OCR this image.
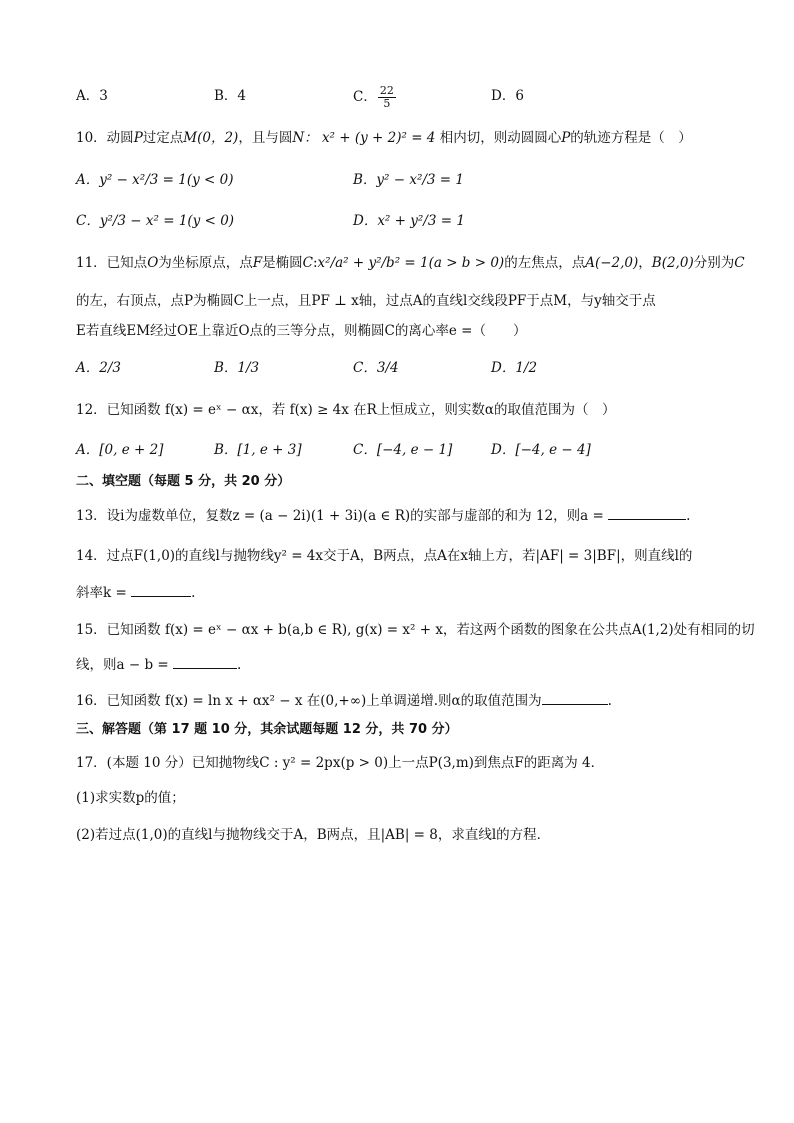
A．3	B．4	C． $\frac{22}{5}$	D．6
10．动圆P过定点M(0，2)，且与圆N： x² + (y + 2)² = 4 相内切，则动圆圆心P的轨迹方程是（　）
A．y² − x²/3 = 1(y < 0)	B．y² − x²/3 = 1
C．y²/3 − x² = 1(y < 0)	D．x² + y²/3 = 1
11．已知点O为坐标原点，点F是椭圆C:x²/a² + y²/b² = 1(a > b > 0)的左焦点，点A(−2,0)，B(2,0)分别为C
的左，右顶点，点P为椭圆C上一点，且PF ⊥ x轴，过点A的直线l交线段PF于点M，与y轴交于点
E若直线EM经过OE上靠近O点的三等分点，则椭圆C的离心率e =（　　）
A．2/3	B．1/3	C．3/4	D．1/2
12．已知函数 f(x) = eˣ − αx，若 f(x) ≥ 4x 在R上恒成立，则实数α的取值范围为（　）
A．[0, e + 2]	B．[1, e + 3]	C．[−4, e − 1]	D．[−4, e − 4]
二、填空题（每题 5 分，共 20 分）
13．设i为虚数单位，复数z = (a − 2i)(1 + 3i)(a ∈ R)的实部与虚部的和为 12，则a =	.
14．过点F(1,0)的直线l与抛物线y² = 4x交于A，B两点，点A在x轴上方，若|AF| = 3|BF|，则直线l的
斜率k =	.
15．已知函数 f(x) = eˣ − αx + b(a,b ∈ R), g(x) = x² + x，若这两个函数的图象在公共点A(1,2)处有相同的切
线，则a − b =	.
16．已知函数 f(x) = ln x + αx² − x 在(0,+∞)上单调递增.则α的取值范围为	.
三、解答题（第 17 题 10 分，其余试题每题 12 分，共 70 分）
17．(本题 10 分）已知抛物线C : y² = 2px(p > 0)上一点P(3,m)到焦点F的距离为 4．
(1)求实数p的值；
(2)若过点(1,0)的直线l与抛物线交于A，B两点，且|AB| = 8，求直线l的方程．
